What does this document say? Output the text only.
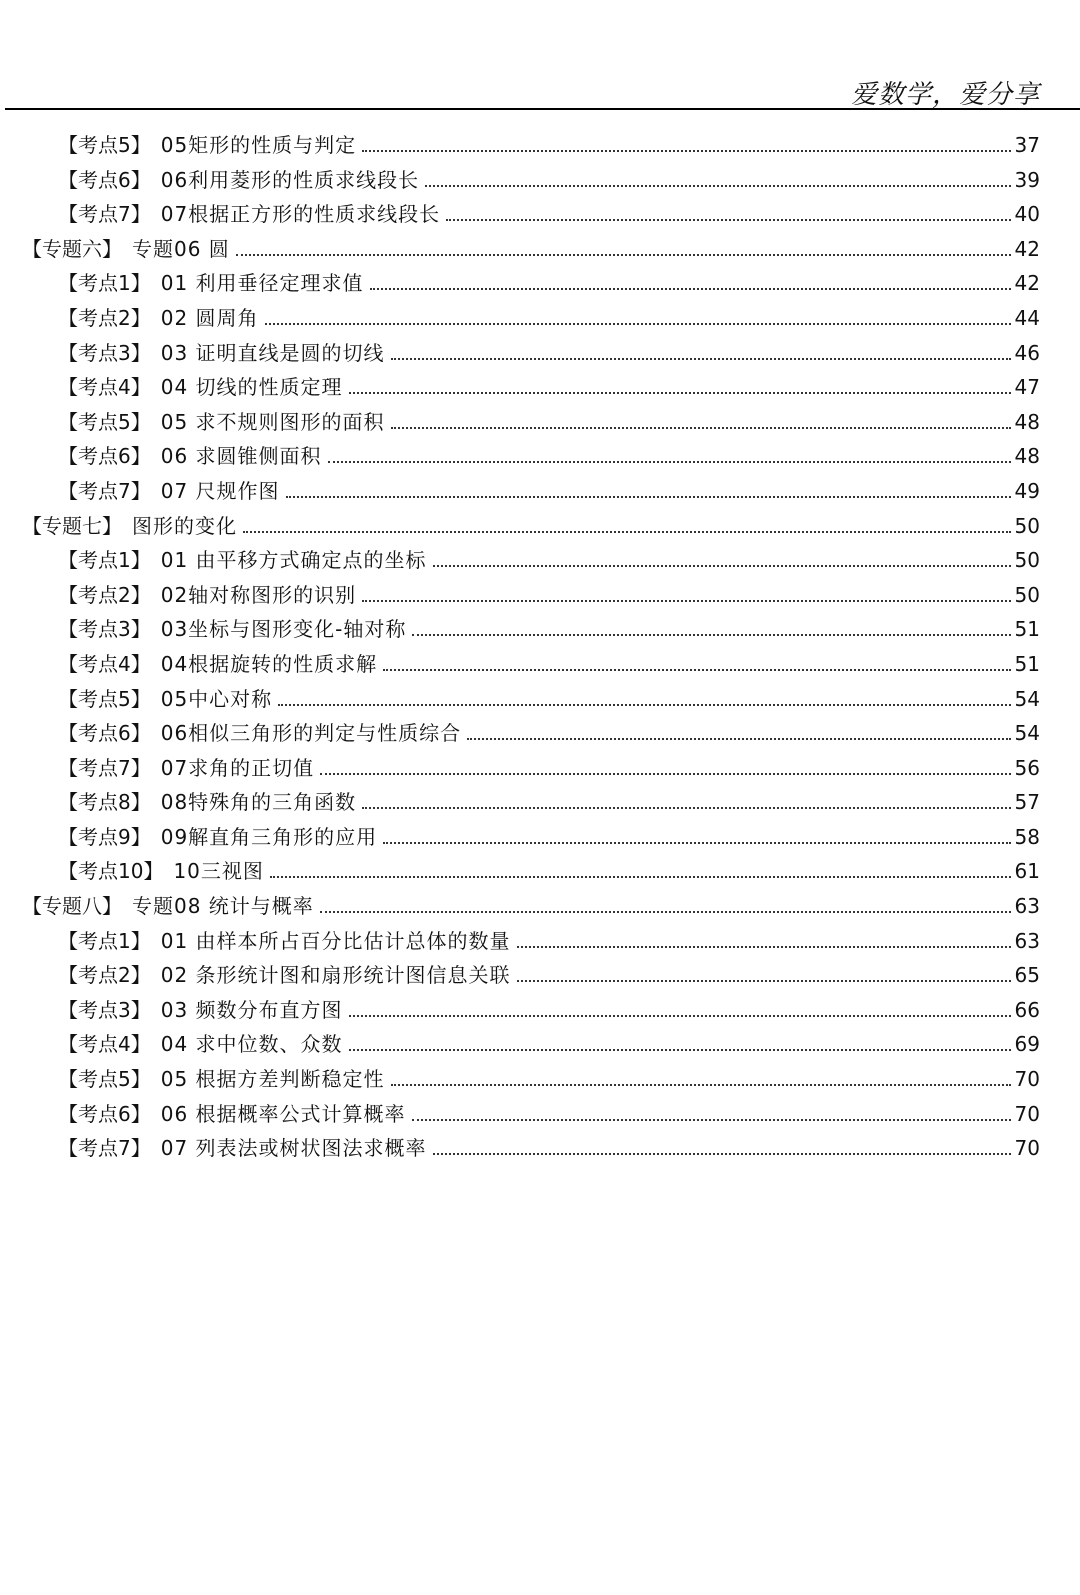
爱数学，爱分享
【考点5】 05矩形的性质与判定	37
【考点6】 06利用菱形的性质求线段长	39
【考点7】 07根据正方形的性质求线段长	40
【专题六】 专题06 圆	42
【考点1】 01 利用垂径定理求值	42
【考点2】 02 圆周角	44
【考点3】 03 证明直线是圆的切线	46
【考点4】 04 切线的性质定理	47
【考点5】 05 求不规则图形的面积	48
【考点6】 06 求圆锥侧面积	48
【考点7】 07 尺规作图	49
【专题七】 图形的变化	50
【考点1】 01 由平移方式确定点的坐标	50
【考点2】 02轴对称图形的识别	50
【考点3】 03坐标与图形变化-轴对称	51
【考点4】 04根据旋转的性质求解	51
【考点5】 05中心对称	54
【考点6】 06相似三角形的判定与性质综合	54
【考点7】 07求角的正切值	56
【考点8】 08特殊角的三角函数	57
【考点9】 09解直角三角形的应用	58
【考点10】 10三视图	61
【专题八】 专题08 统计与概率	63
【考点1】 01 由样本所占百分比估计总体的数量	63
【考点2】 02 条形统计图和扇形统计图信息关联	65
【考点3】 03 频数分布直方图	66
【考点4】 04 求中位数、众数	69
【考点5】 05 根据方差判断稳定性	70
【考点6】 06 根据概率公式计算概率	70
【考点7】 07 列表法或树状图法求概率	70
